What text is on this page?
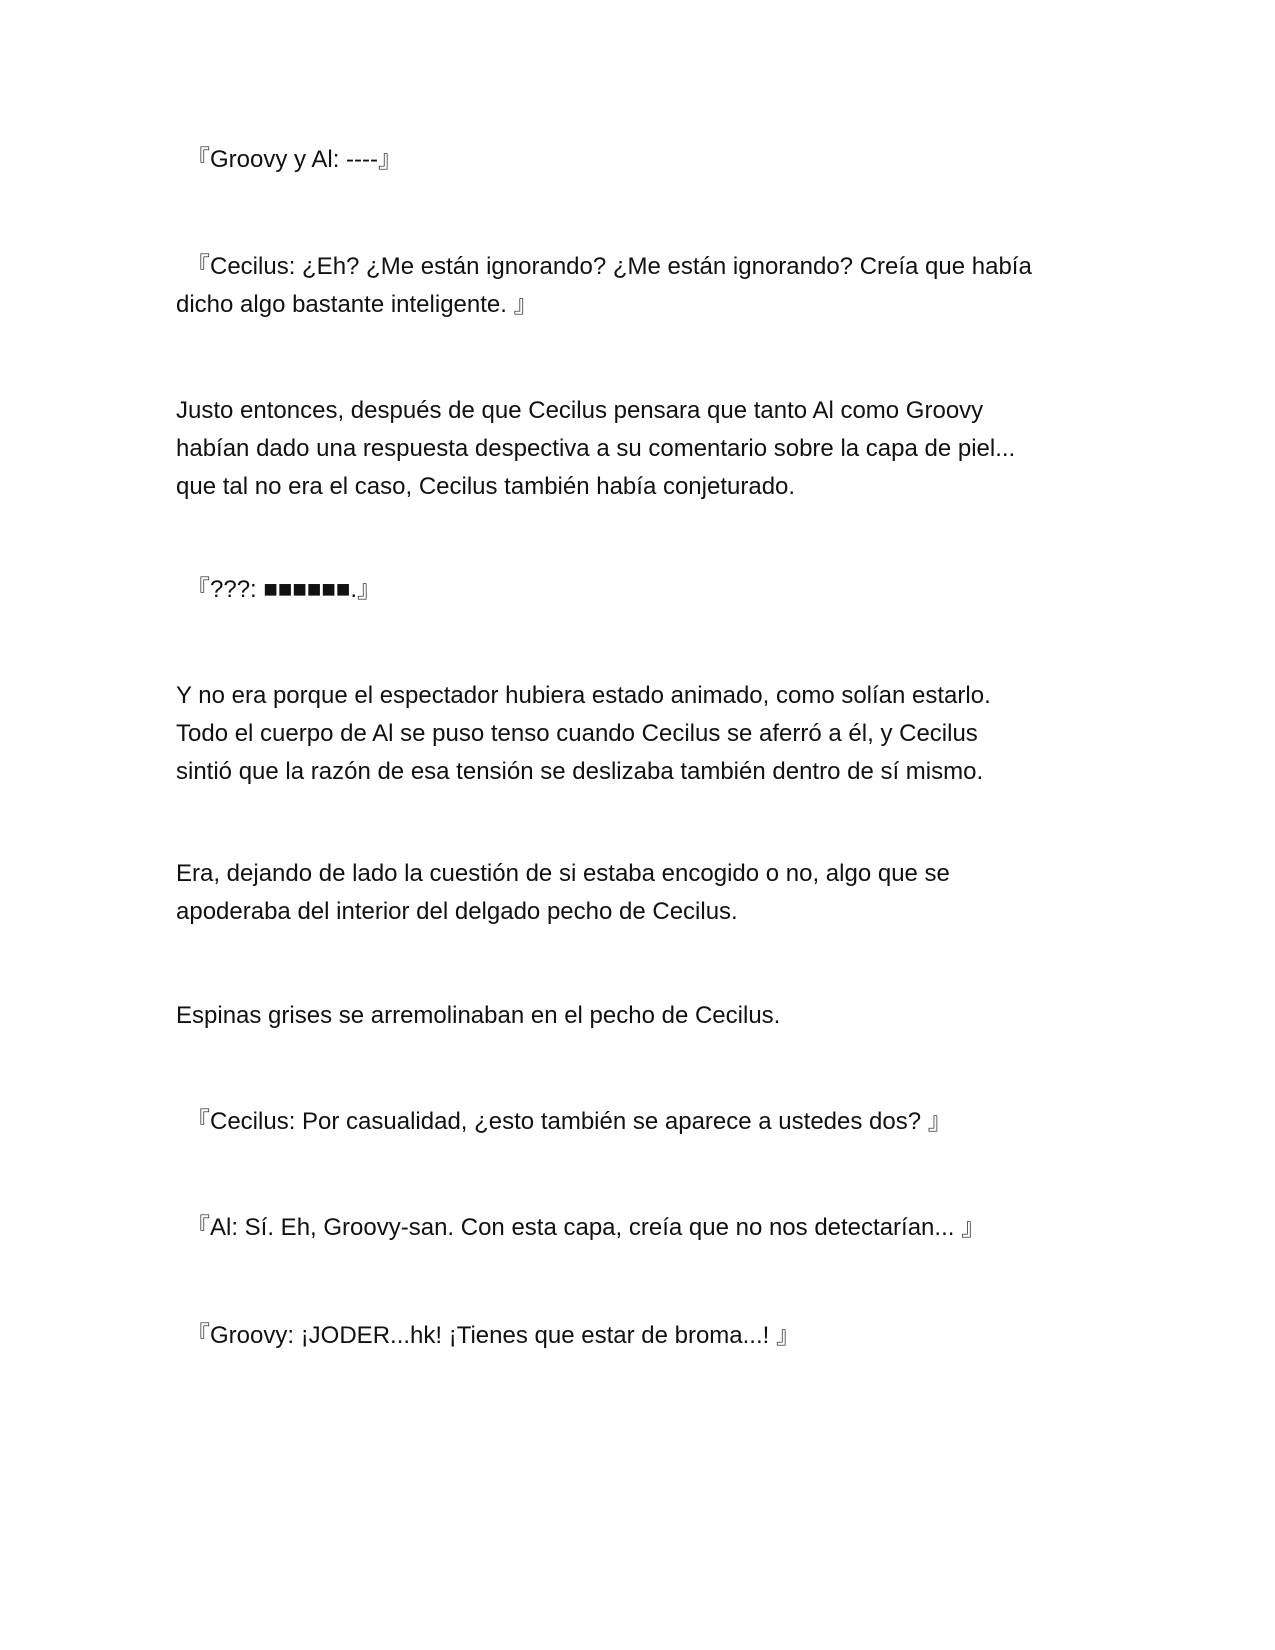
『Groovy y Al: ----』

『Cecilus: ¿Eh? ¿Me están ignorando? ¿Me están ignorando? Creía que había
dicho algo bastante inteligente. 』

Justo entonces, después de que Cecilus pensara que tanto Al como Groovy
habían dado una respuesta despectiva a su comentario sobre la capa de piel...
que tal no era el caso, Cecilus también había conjeturado.

『???: ■■■■■■.』

Y no era porque el espectador hubiera estado animado, como solían estarlo.
Todo el cuerpo de Al se puso tenso cuando Cecilus se aferró a él, y Cecilus
sintió que la razón de esa tensión se deslizaba también dentro de sí mismo.

Era, dejando de lado la cuestión de si estaba encogido o no, algo que se
apoderaba del interior del delgado pecho de Cecilus.

Espinas grises se arremolinaban en el pecho de Cecilus.

『Cecilus: Por casualidad, ¿esto también se aparece a ustedes dos? 』

『Al: Sí. Eh, Groovy-san. Con esta capa, creía que no nos detectarían... 』

『Groovy: ¡JODER...hk! ¡Tienes que estar de broma...! 』
